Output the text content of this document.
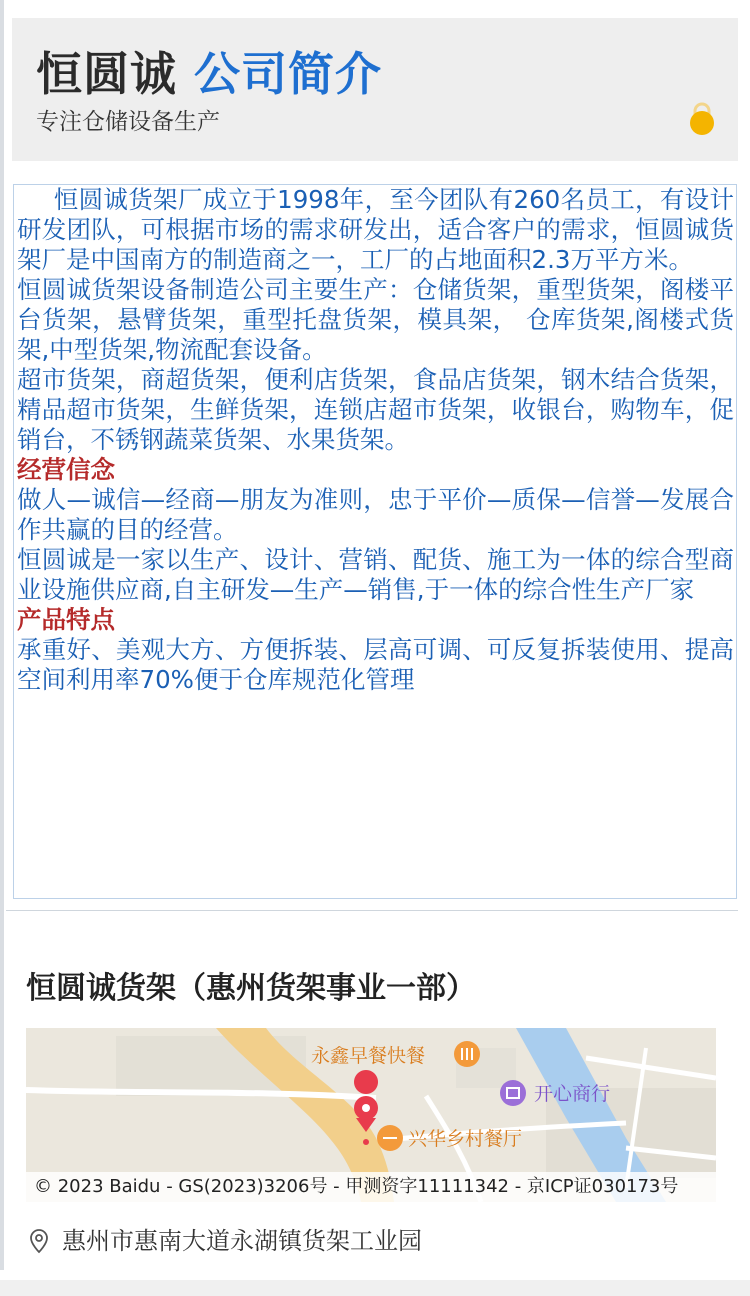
恒圆诚 公司简介
专注仓储设备生产

恒圆诚货架厂成立于1998年，至今团队有260名员工，有设计研发团队，可根据市场的需求研发出，适合客户的需求，恒圆诚货架厂是中国南方的制造商之一，工厂的占地面积2.3万平方米。

恒圆诚货架设备制造公司主要生产：仓储货架，重型货架，阁楼平台货架，悬臂货架，重型托盘货架，模具架， 仓库货架,阁楼式货架,中型货架,物流配套设备。

超市货架，商超货架，便利店货架，食品店货架，钢木结合货架，精品超市货架，生鲜货架，连锁店超市货架，收银台，购物车，促销台，不锈钢蔬菜货架、水果货架。

经营信念

做人—诚信—经商—朋友为准则，忠于平价—质保—信誉—发展合作共赢的目的经营。

恒圆诚是一家以生产、设计、营销、配货、施工为一体的综合型商业设施供应商,自主研发—生产—销售,于一体的综合性生产厂家

产品特点

承重好、美观大方、方便拆装、层高可调、可反复拆装使用、提高空间利用率70%便于仓库规范化管理

恒圆诚货架（惠州货架事业一部）
永鑫早餐快餐
开心商行
兴华乡村餐厅
© 2023 Baidu - GS(2023)3206号 - 甲测资字11111342 - 京ICP证030173号
惠州市惠南大道永湖镇货架工业园
